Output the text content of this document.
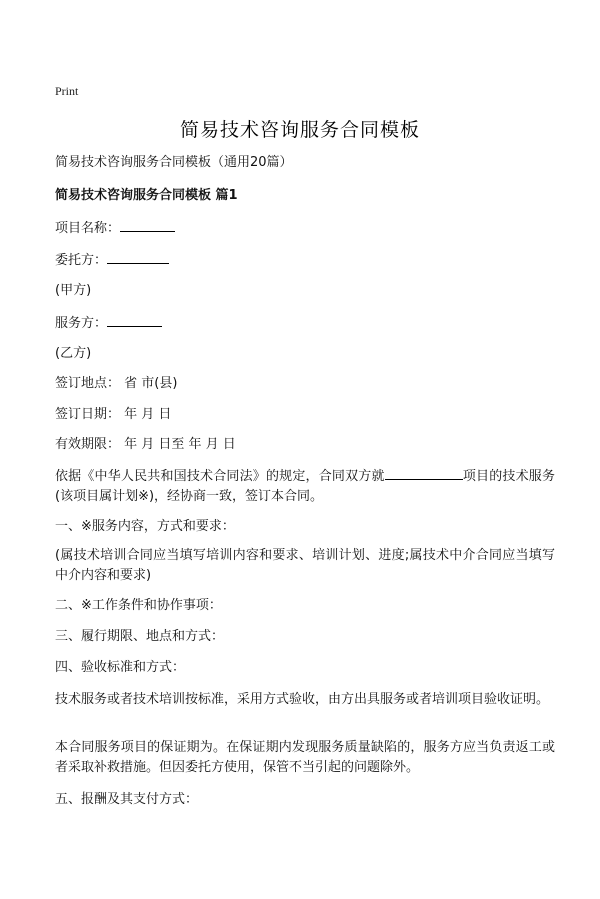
Print
简易技术咨询服务合同模板
简易技术咨询服务合同模板（通用20篇）
简易技术咨询服务合同模板 篇1
项目名称：
委托方：
(甲方)
服务方：
(乙方)
签订地点： 省 市(县)
签订日期： 年 月 日
有效期限： 年 月 日至 年 月 日
依据《中华人民共和国技术合同法》的规定，合同双方就	项目的技术服务(该项目属计划※)，经协商一致，签订本合同。
一、※服务内容，方式和要求：
(属技术培训合同应当填写培训内容和要求、培训计划、进度;属技术中介合同应当填写中介内容和要求)
二、※工作条件和协作事项：
三、履行期限、地点和方式：
四、验收标准和方式：
技术服务或者技术培训按标准，采用方式验收，由方出具服务或者培训项目验收证明。
本合同服务项目的保证期为。在保证期内发现服务质量缺陷的，服务方应当负责返工或者采取补救措施。但因委托方使用，保管不当引起的问题除外。
五、报酬及其支付方式：
